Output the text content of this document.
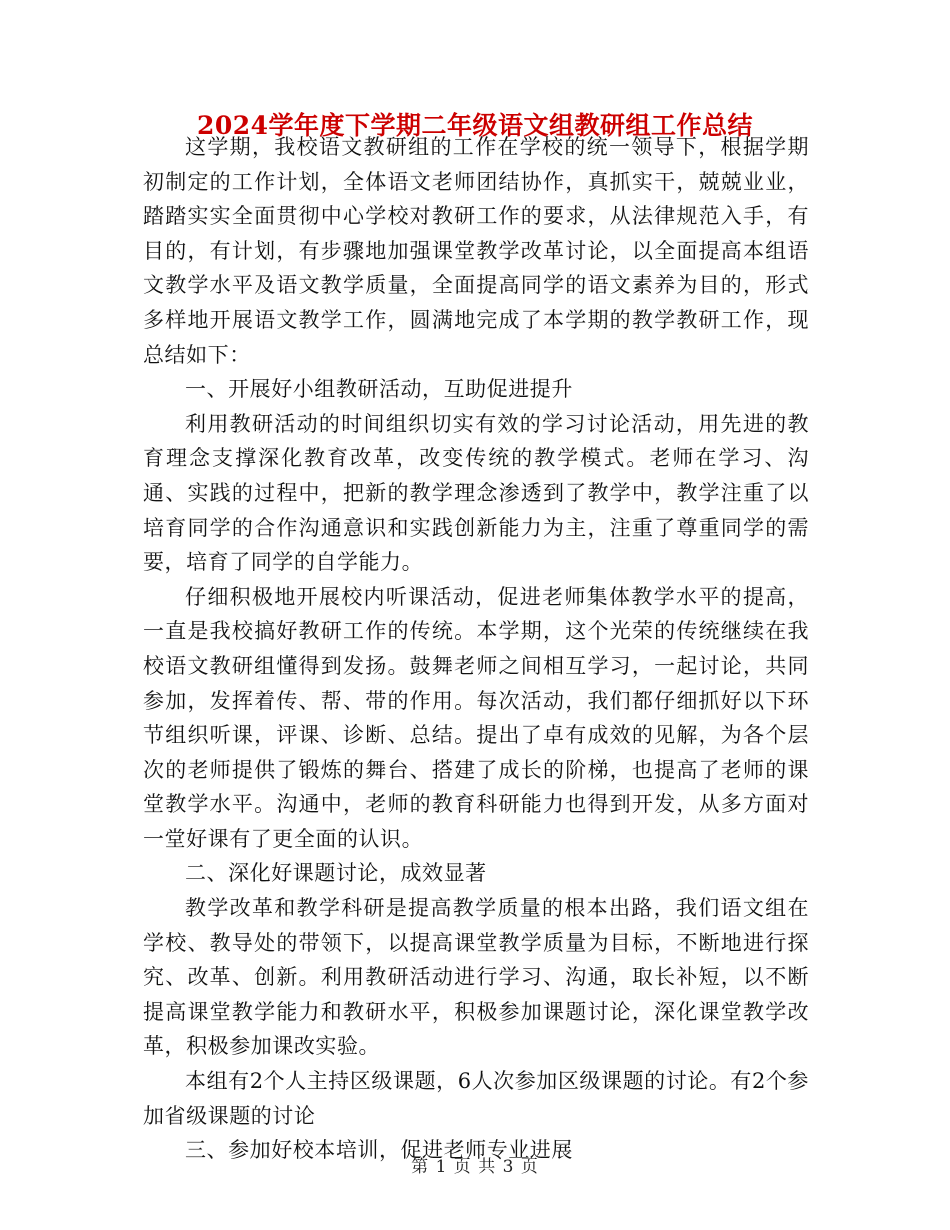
2024学年度下学期二年级语文组教研组工作总结

这学期，我校语文教研组的工作在学校的统一领导下，根据学期初制定的工作计划，全体语文老师团结协作，真抓实干，兢兢业业，踏踏实实全面贯彻中心学校对教研工作的要求，从法律规范入手，有目的，有计划，有步骤地加强课堂教学改革讨论，以全面提高本组语文教学水平及语文教学质量，全面提高同学的语文素养为目的，形式多样地开展语文教学工作，圆满地完成了本学期的教学教研工作，现总结如下：

一、开展好小组教研活动，互助促进提升

利用教研活动的时间组织切实有效的学习讨论活动，用先进的教育理念支撑深化教育改革，改变传统的教学模式。老师在学习、沟通、实践的过程中，把新的教学理念渗透到了教学中，教学注重了以培育同学的合作沟通意识和实践创新能力为主，注重了尊重同学的需要，培育了同学的自学能力。

仔细积极地开展校内听课活动，促进老师集体教学水平的提高，一直是我校搞好教研工作的传统。本学期，这个光荣的传统继续在我校语文教研组懂得到发扬。鼓舞老师之间相互学习，一起讨论，共同参加，发挥着传、帮、带的作用。每次活动，我们都仔细抓好以下环节组织听课，评课、诊断、总结。提出了卓有成效的见解，为各个层次的老师提供了锻炼的舞台、搭建了成长的阶梯，也提高了老师的课堂教学水平。沟通中，老师的教育科研能力也得到开发，从多方面对一堂好课有了更全面的认识。

二、深化好课题讨论，成效显著

教学改革和教学科研是提高教学质量的根本出路，我们语文组在学校、教导处的带领下，以提高课堂教学质量为目标，不断地进行探究、改革、创新。利用教研活动进行学习、沟通，取长补短，以不断提高课堂教学能力和教研水平，积极参加课题讨论，深化课堂教学改革，积极参加课改实验。

本组有2个人主持区级课题，6人次参加区级课题的讨论。有2个参加省级课题的讨论

三、参加好校本培训，促进老师专业进展

第 1 页 共 3 页
